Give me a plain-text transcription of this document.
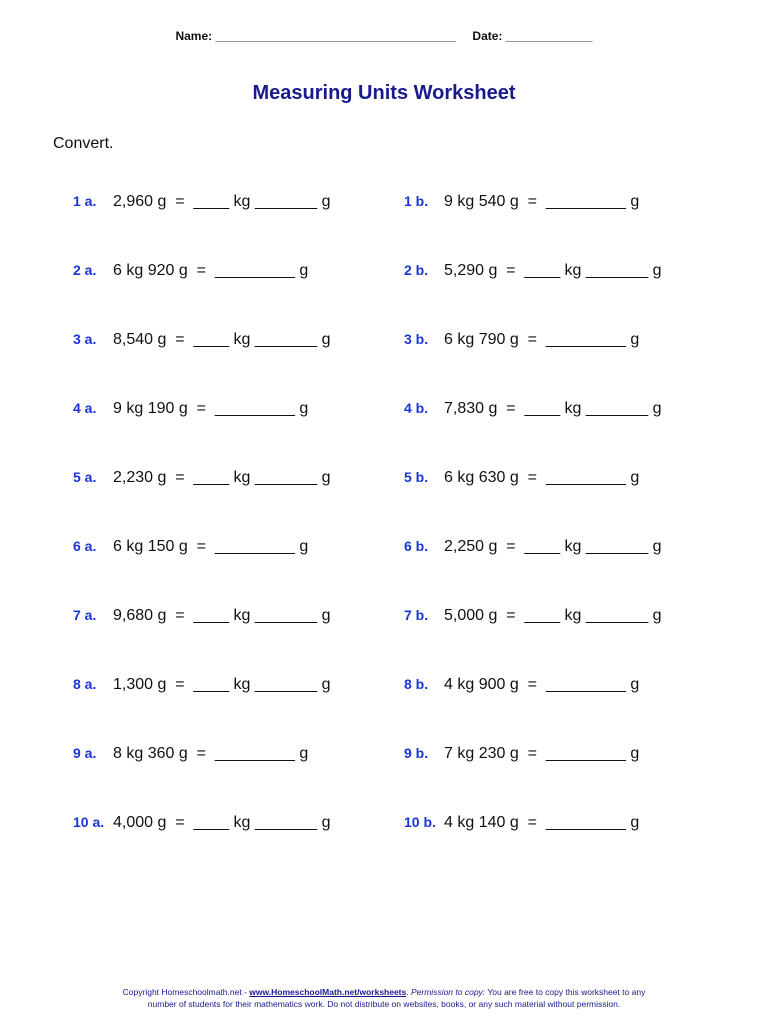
Name: ____________________________________ Date: _____________
Measuring Units Worksheet
Convert.
1 a. 2,960 g  =  ____ kg _______ g	1 b. 9 kg 540 g  =  _________ g
2 a. 6 kg 920 g  =  _________ g	2 b. 5,290 g  =  ____ kg _______ g
3 a. 8,540 g  =  ____ kg _______ g	3 b. 6 kg 790 g  =  _________ g
4 a. 9 kg 190 g  =  _________ g	4 b. 7,830 g  =  ____ kg _______ g
5 a. 2,230 g  =  ____ kg _______ g	5 b. 6 kg 630 g  =  _________ g
6 a. 6 kg 150 g  =  _________ g	6 b. 2,250 g  =  ____ kg _______ g
7 a. 9,680 g  =  ____ kg _______ g	7 b. 5,000 g  =  ____ kg _______ g
8 a. 1,300 g  =  ____ kg _______ g	8 b. 4 kg 900 g  =  _________ g
9 a. 8 kg 360 g  =  _________ g	9 b. 7 kg 230 g  =  _________ g
10 a. 4,000 g  =  ____ kg _______ g	10 b. 4 kg 140 g  =  _________ g
Copyright Homeschoolmath.net - www.HomeschoolMath.net/worksheets. Permission to copy: You are free to copy this worksheet to any
number of students for their mathematics work. Do not distribute on websites, books, or any such material without permission.
